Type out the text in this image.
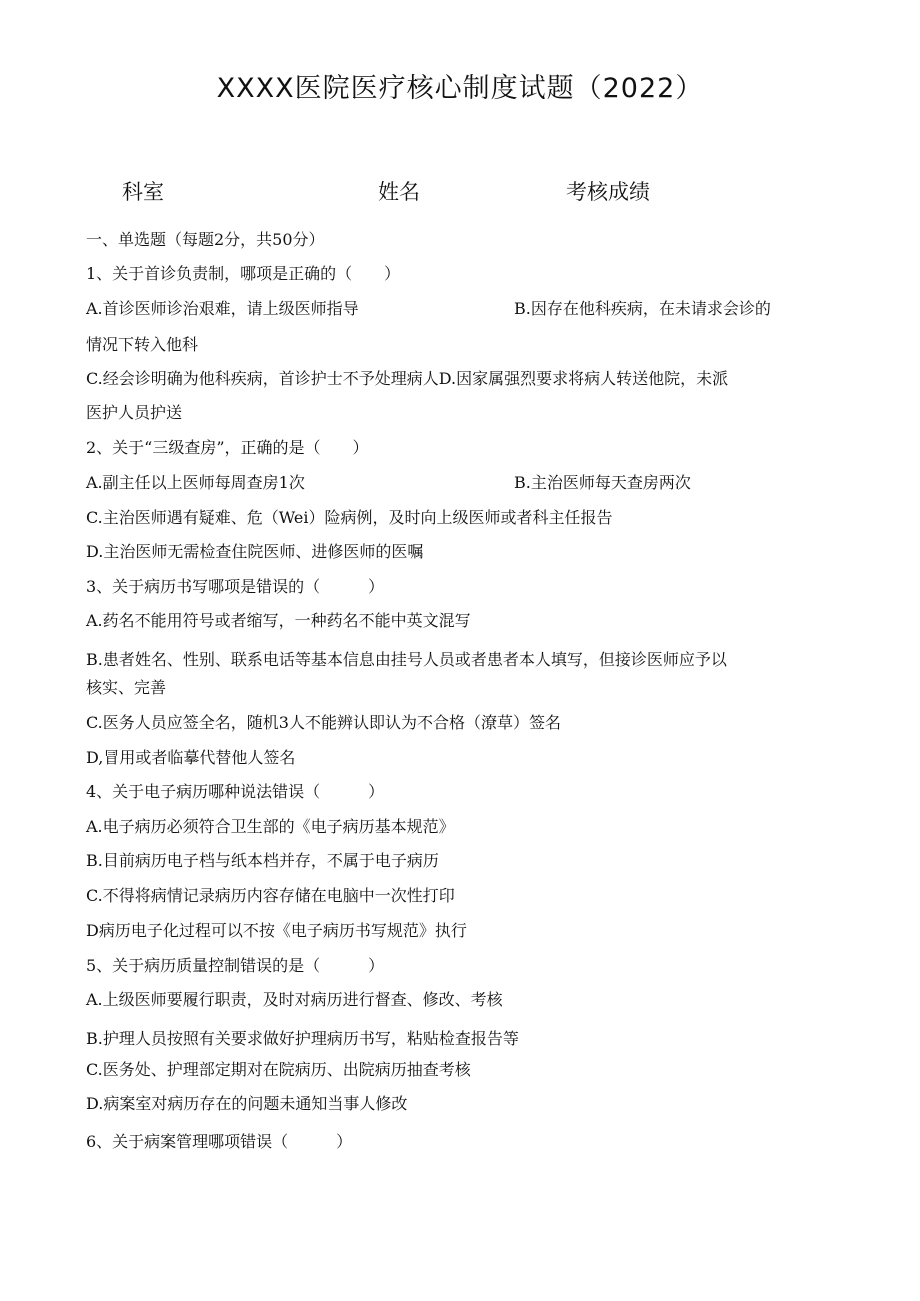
XXXX医院医疗核心制度试题（2022）
科室	姓名	考核成绩
一、单选题（每题2分，共50分）
1、关于首诊负责制，哪项是正确的（　　）
A.首诊医师诊治艰难，请上级医师指导	B.因存在他科疾病，在未请求会诊的
情况下转入他科
C.经会诊明确为他科疾病，首诊护士不予处理病人D.因家属强烈要求将病人转送他院，未派
医护人员护送
2、关于“三级查房”，正确的是（　　）
A.副主任以上医师每周查房1次	B.主治医师每天查房两次
C.主治医师遇有疑难、危（Wei）险病例，及时向上级医师或者科主任报告
D.主治医师无需检查住院医师、进修医师的医嘱
3、关于病历书写哪项是错误的（　　　）
A.药名不能用符号或者缩写，一种药名不能中英文混写
B.患者姓名、性别、联系电话等基本信息由挂号人员或者患者本人填写，但接诊医师应予以
核实、完善
C.医务人员应签全名，随机3人不能辨认即认为不合格（潦草）签名
D,冒用或者临摹代替他人签名
4、关于电子病历哪种说法错误（　　　）
A.电子病历必须符合卫生部的《电子病历基本规范》
B.目前病历电子档与纸本档并存，不属于电子病历
C.不得将病情记录病历内容存储在电脑中一次性打印
D病历电子化过程可以不按《电子病历书写规范》执行
5、关于病历质量控制错误的是（　　　）
A.上级医师要履行职责，及时对病历进行督查、修改、考核
B.护理人员按照有关要求做好护理病历书写，粘贴检查报告等
C.医务处、护理部定期对在院病历、出院病历抽查考核
D.病案室对病历存在的问题未通知当事人修改
6、关于病案管理哪项错误（　　　）
